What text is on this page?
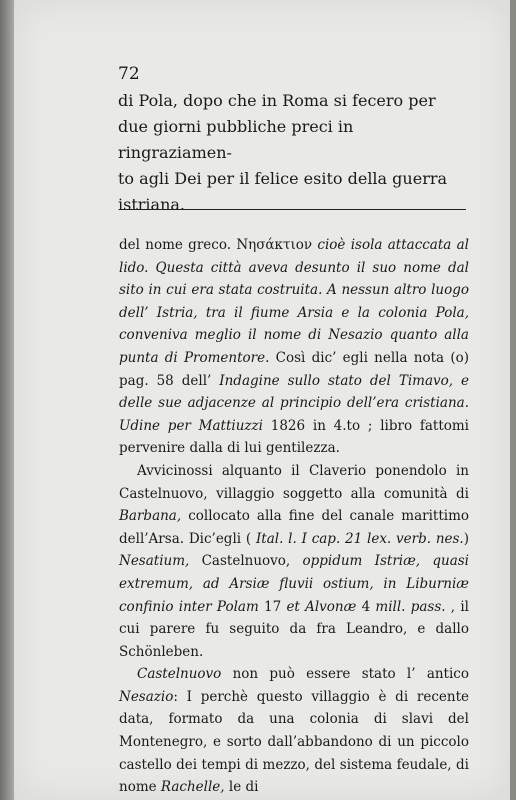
72
di Pola, dopo che in Roma si fecero per
due giorni pubbliche preci in ringraziamen-
to agli Dei per il felice esito della guerra
istriana.

del nome greco. Νησάκτιον cioè isola attaccata al lido. Questa città aveva desunto il suo nome dal sito in cui era stata costruita. A nessun altro luogo dell’ Istria, tra il fiume Arsia e la colonia Pola, conveniva meglio il nome di Nesazio quanto alla punta di Promentore. Così dic’ egli nella nota (o) pag. 58 dell’ Indagine sullo stato del Timavo, e delle sue adjacenze al principio dell’era cristiana. Udine per Mattiuzzi 1826 in 4.to ; libro fattomi pervenire dalla di lui gentilezza.

Avvicinossi alquanto il Claverio ponendolo in Castelnuovo, villaggio soggetto alla comunità di Barbana, collocato alla fine del canale marittimo dell’Arsa. Dic’egli ( Ital. l. I cap. 21 lex. verb. nes.) Nesatium, Castelnuovo, oppidum Istriæ, quasi extremum, ad Arsiæ fluvii ostium, in Liburniæ confinio inter Polam 17 et Alvonæ 4 mill. pass. , il cui parere fu seguito da fra Leandro, e dallo Schönleben.

Castelnuovo non può essere stato l’ antico Nesazio: I perchè questo villaggio è di recente data, formato da una colonia di slavi del Montenegro, e sorto dall’abbandono di un piccolo castello dei tempi di mezzo, del sistema feudale, di nome Rachelle, le di
